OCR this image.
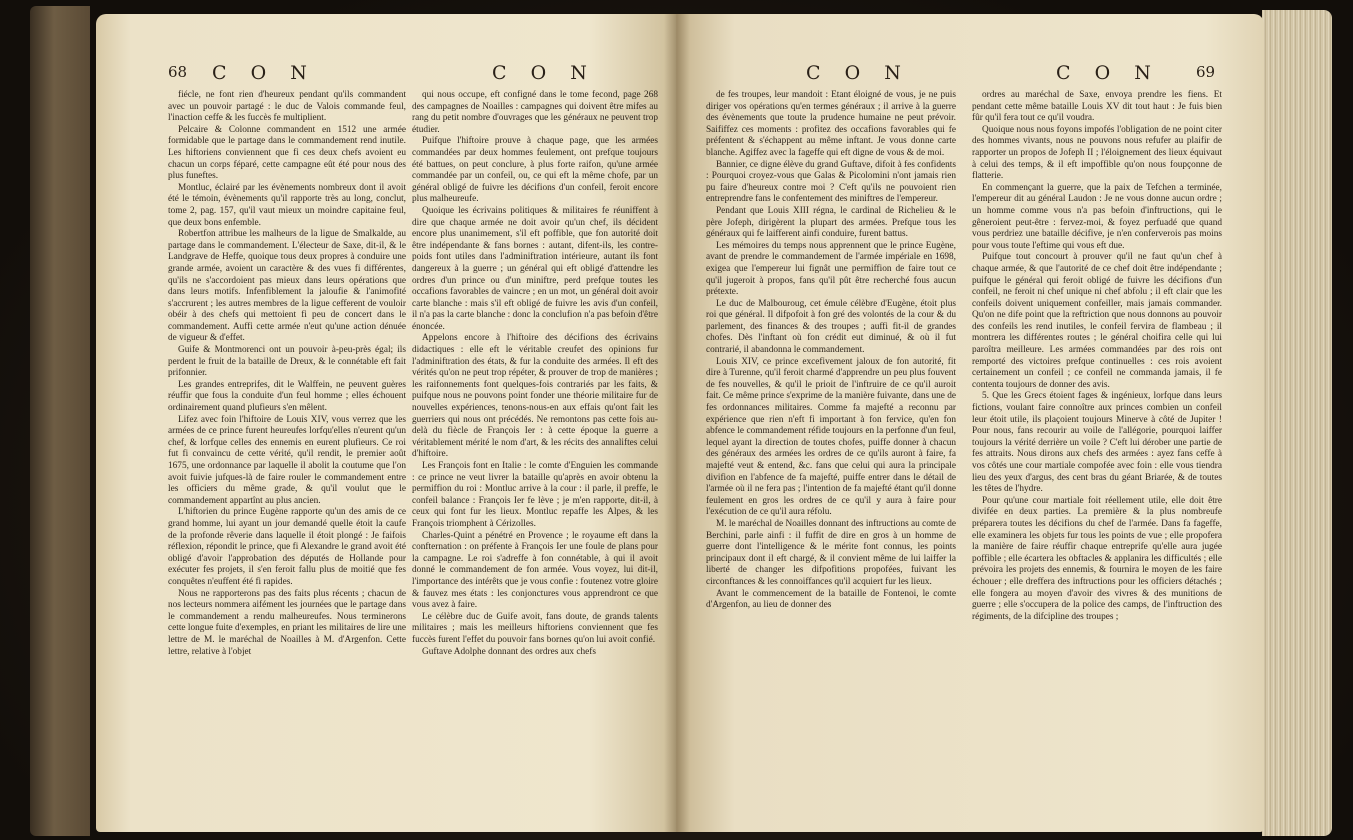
68 C O N	C O N

fiécle, ne font rien d'heureux pendant qu'ils commandent avec un pouvoir partagé : le duc de Valois commande feul, l'inaction ceffe & les fuccès fe multiplient.

Pelcaire & Colonne commandent en 1512 une armée formidable que le partage dans le commandement rend inutile. Les hiftoriens conviennent que fi ces deux chefs avoient eu chacun un corps féparé, cette campagne eût été pour nous des plus funeftes.

Montluc, éclairé par les évènements nombreux dont il avoit été le témoin, évènements qu'il rapporte très au long, conclut, tome 2, pag. 157, qu'il vaut mieux un moindre capitaine feul, que deux bons enfemble.

Robertfon attribue les malheurs de la ligue de Smalkalde, au partage dans le commandement. L'électeur de Saxe, dit-il, & le Landgrave de Heffe, quoique tous deux propres à conduire une grande armée, avoient un caractère & des vues fi différentes, qu'ils ne s'accordoient pas mieux dans leurs opérations que dans leurs motifs. Infenfiblement la jaloufie & l'animofité s'accrurent ; les autres membres de la ligue cefferent de vouloir obéir à des chefs qui mettoient fi peu de concert dans le commandement. Auffi cette armée n'eut qu'une action dénuée de vigueur & d'effet.

Guife & Montmorenci ont un pouvoir à-peu-près égal; ils perdent le fruit de la bataille de Dreux, & le connétable eft fait prifonnier.

Les grandes entreprifes, dit le Walffein, ne peuvent guères réuffir que fous la conduite d'un feul homme ; elles échouent ordinairement quand plufieurs s'en mêlent.

Lifez avec foin l'hiftoire de Louis XIV, vous verrez que les armées de ce prince furent heureufes lorfqu'elles n'eurent qu'un chef, & lorfque celles des ennemis en eurent plufieurs. Ce roi fut fi convaincu de cette vérité, qu'il rendit, le premier août 1675, une ordonnance par laquelle il abolit la coutume que l'on avoit fuivie jufques-là de faire rouler le commandement entre les officiers du même grade, & qu'il voulut que le commandement appartînt au plus ancien.

L'hiftorien du prince Eugène rapporte qu'un des amis de ce grand homme, lui ayant un jour demandé quelle étoit la caufe de la profonde rêverie dans laquelle il étoit plongé : Je faifois réflexion, répondit le prince, que fi Alexandre le grand avoit été obligé d'avoir l'approbation des députés de Hollande pour exécuter fes projets, il s'en feroit fallu plus de moitié que fes conquêtes n'euffent été fi rapides.

Nous ne rapporterons pas des faits plus récents ; chacun de nos lecteurs nommera aifément les journées que le partage dans le commandement a rendu malheureufes. Nous terminerons cette longue fuite d'exemples, en priant les militaires de lire une lettre de M. le maréchal de Noailles à M. d'Argenfon. Cette lettre, relative à l'objet

qui nous occupe, eft configné dans le tome fecond, page 268 des campagnes de Noailles : campagnes qui doivent être mifes au rang du petit nombre d'ouvrages que les généraux ne peuvent trop étudier.

Puifque l'hiftoire prouve à chaque page, que les armées commandées par deux hommes feulement, ont prefque toujours été battues, on peut conclure, à plus forte raifon, qu'une armée commandée par un confeil, ou, ce qui eft la même chofe, par un général obligé de fuivre les décifions d'un confeil, feroit encore plus malheureufe.

Quoique les écrivains politiques & militaires fe réuniffent à dire que chaque armée ne doit avoir qu'un chef, ils décident encore plus unanimement, s'il eft poffible, que fon autorité doit être indépendante & fans bornes : autant, difent-ils, les contre-poids font utiles dans l'adminiftration intérieure, autant ils font dangereux à la guerre ; un général qui eft obligé d'attendre les ordres d'un prince ou d'un miniftre, perd prefque toutes les occafions favorables de vaincre ; en un mot, un général doit avoir carte blanche : mais s'il eft obligé de fuivre les avis d'un confeil, il n'a pas la carte blanche : donc la conclufion n'a pas befoin d'être énoncée.

Appelons encore à l'hiftoire des décifions des écrivains didactiques : elle eft le véritable creufet des opinions fur l'adminiftration des états, & fur la conduite des armées. Il eft des vérités qu'on ne peut trop répéter, & prouver de trop de manières ; les raifonnements font quelques-fois contrariés par les faits, & puifque nous ne pouvons point fonder une théorie militaire fur de nouvelles expériences, tenons-nous-en aux effais qu'ont fait les guerriers qui nous ont précédés. Ne remontons pas cette fois au-delà du fiècle de François Ier : à cette époque la guerre a véritablement mérité le nom d'art, & les récits des annaliftes celui d'hiftoire.

Les François font en Italie : le comte d'Enguien les commande : ce prince ne veut livrer la bataille qu'après en avoir obtenu la permiffion du roi : Montluc arrive à la cour : il parle, il preffe, le confeil balance : François Ier fe lève ; je m'en rapporte, dit-il, à ceux qui font fur les lieux. Montluc repaffe les Alpes, & les François triomphent à Cérizolles.

Charles-Quint a pénétré en Provence ; le royaume eft dans la confternation : on préfente à François Ier une foule de plans pour la campagne. Le roi s'adreffe à fon connétable, à qui il avoit donné le commandement de fon armée. Vous voyez, lui dit-il, l'importance des intérêts que je vous confie : foutenez votre gloire & fauvez mes états : les conjonctures vous apprendront ce que vous avez à faire.

Le célèbre duc de Guife avoit, fans doute, de grands talents militaires ; mais les meilleurs hiftoriens conviennent que fes fuccès furent l'effet du pouvoir fans bornes qu'on lui avoit confié.

Guftave Adolphe donnant des ordres aux chefs

C O N	C O N 69

de fes troupes, leur mandoit : Etant éloigné de vous, je ne puis diriger vos opérations qu'en termes généraux ; il arrive à la guerre des évènements que toute la prudence humaine ne peut prévoir. Saififfez ces moments : profitez des occafions favorables qui fe préfentent & s'échappent au même inftant. Je vous donne carte blanche. Agiffez avec la fageffe qui eft digne de vous & de moi.

Bannier, ce digne élève du grand Guftave, difoit à fes confidents : Pourquoi croyez-vous que Galas & Picolomini n'ont jamais rien pu faire d'heureux contre moi ? C'eft qu'ils ne pouvoient rien entreprendre fans le confentement des miniftres de l'empereur.

Pendant que Louis XIII régna, le cardinal de Richelieu & le père Jofeph, dirigèrent la plupart des armées. Prefque tous les généraux qui fe laifferent ainfi conduire, furent battus.

Les mémoires du temps nous apprennent que le prince Eugène, avant de prendre le commandement de l'armée impériale en 1698, exigea que l'empereur lui fignât une permiffion de faire tout ce qu'il jugeroit à propos, fans qu'il pût être recherché fous aucun prétexte.

Le duc de Malbouroug, cet émule célèbre d'Eugène, étoit plus roi que général. Il difpofoit à fon gré des volontés de la cour & du parlement, des finances & des troupes ; auffi fit-il de grandes chofes. Dès l'inftant où fon crédit eut diminué, & où il fut contrarié, il abandonna le commandement.

Louis XIV, ce prince excefivement jaloux de fon autorité, fit dire à Turenne, qu'il feroit charmé d'apprendre un peu plus fouvent de fes nouvelles, & qu'il le prioit de l'inftruire de ce qu'il auroit fait. Ce même prince s'exprime de la manière fuivante, dans une de fes ordonnances militaires. Comme fa majefté a reconnu par expérience que rien n'eft fi important à fon fervice, qu'en fon abfence le commandement réfide toujours en la perfonne d'un feul, lequel ayant la direction de toutes chofes, puiffe donner à chacun des généraux des armées les ordres de ce qu'ils auront à faire, fa majefté veut & entend, &c. fans que celui qui aura la principale divifion en l'abfence de fa majefté, puiffe entrer dans le détail de l'armée où il ne fera pas ; l'intention de fa majefté étant qu'il donne feulement en gros les ordres de ce qu'il y aura à faire pour l'exécution de ce qu'il aura réfolu.

M. le maréchal de Noailles donnant des inftructions au comte de Berchini, parle ainfi : il fuffit de dire en gros à un homme de guerre dont l'intelligence & le mérite font connus, les points principaux dont il eft chargé, & il convient même de lui laiffer la liberté de changer les difpofitions propofées, fuivant les circonftances & les connoiffances qu'il acquiert fur les lieux.

Avant le commencement de la bataille de Fontenoi, le comte d'Argenfon, au lieu de donner des

ordres au maréchal de Saxe, envoya prendre les fiens. Et pendant cette même bataille Louis XV dit tout haut : Je fuis bien fûr qu'il fera tout ce qu'il voudra.

Quoique nous nous foyons impofés l'obligation de ne point citer des hommes vivants, nous ne pouvons nous refufer au plaifir de rapporter un propos de Jofeph II ; l'éloignement des lieux équivaut à celui des temps, & il eft impoffible qu'on nous foupçonne de flatterie.

En commençant la guerre, que la paix de Tefchen a terminée, l'empereur dit au général Laudon : Je ne vous donne aucun ordre ; un homme comme vous n'a pas befoin d'inftructions, qui le gêneroient peut-être : fervez-moi, & foyez perfuadé que quand vous perdriez une bataille décifive, je n'en conferverois pas moins pour vous toute l'eftime qui vous eft due.

Puifque tout concourt à prouver qu'il ne faut qu'un chef à chaque armée, & que l'autorité de ce chef doit être indépendante ; puifque le général qui feroit obligé de fuivre les décifions d'un confeil, ne feroit ni chef unique ni chef abfolu ; il eft clair que les confeils doivent uniquement confeiller, mais jamais commander. Qu'on ne dife point que la reftriction que nous donnons au pouvoir des confeils les rend inutiles, le confeil fervira de flambeau ; il montrera les différentes routes ; le général choifira celle qui lui paroîtra meilleure. Les armées commandées par des rois ont remporté des victoires prefque continuelles : ces rois avoient certainement un confeil ; ce confeil ne commanda jamais, il fe contenta toujours de donner des avis.

5. Que les Grecs étoient fages & ingénieux, lorfque dans leurs fictions, voulant faire connoître aux princes combien un confeil leur étoit utile, ils plaçoient toujours Minerve à côté de Jupiter ! Pour nous, fans recourir au voile de l'allégorie, pourquoi laiffer toujours la vérité derrière un voile ? C'eft lui dérober une partie de fes attraits. Nous dirons aux chefs des armées : ayez fans ceffe à vos côtés une cour martiale compofée avec foin : elle vous tiendra lieu des yeux d'argus, des cent bras du géant Briarée, & de toutes les têtes de l'hydre.

Pour qu'une cour martiale foit réellement utile, elle doit être divifée en deux parties. La première & la plus nombreufe préparera toutes les décifions du chef de l'armée. Dans fa fageffe, elle examinera les objets fur tous les points de vue ; elle propofera la manière de faire réuffir chaque entreprife qu'elle aura jugée poffible ; elle écartera les obftacles & applanira les difficultés ; elle prévoira les projets des ennemis, & fournira le moyen de les faire échouer ; elle dreffera des inftructions pour les officiers détachés ; elle fongera au moyen d'avoir des vivres & des munitions de guerre ; elle s'occupera de la police des camps, de l'inftruction des régiments, de la difcipline des troupes ;
